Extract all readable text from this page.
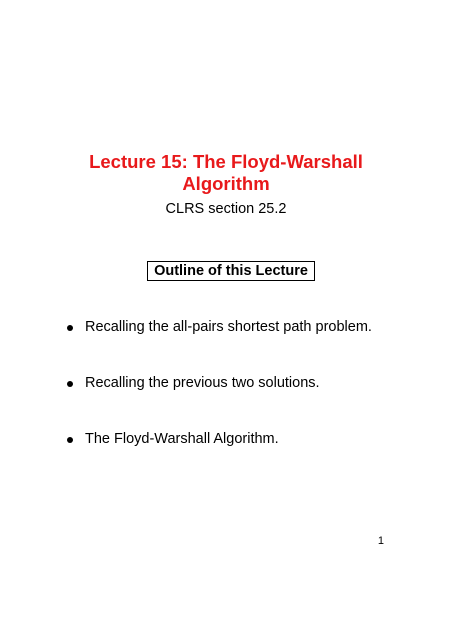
Lecture 15: The Floyd-Warshall
Algorithm
CLRS section 25.2
Outline of this Lecture
Recalling the all-pairs shortest path problem.
Recalling the previous two solutions.
The Floyd-Warshall Algorithm.
1
